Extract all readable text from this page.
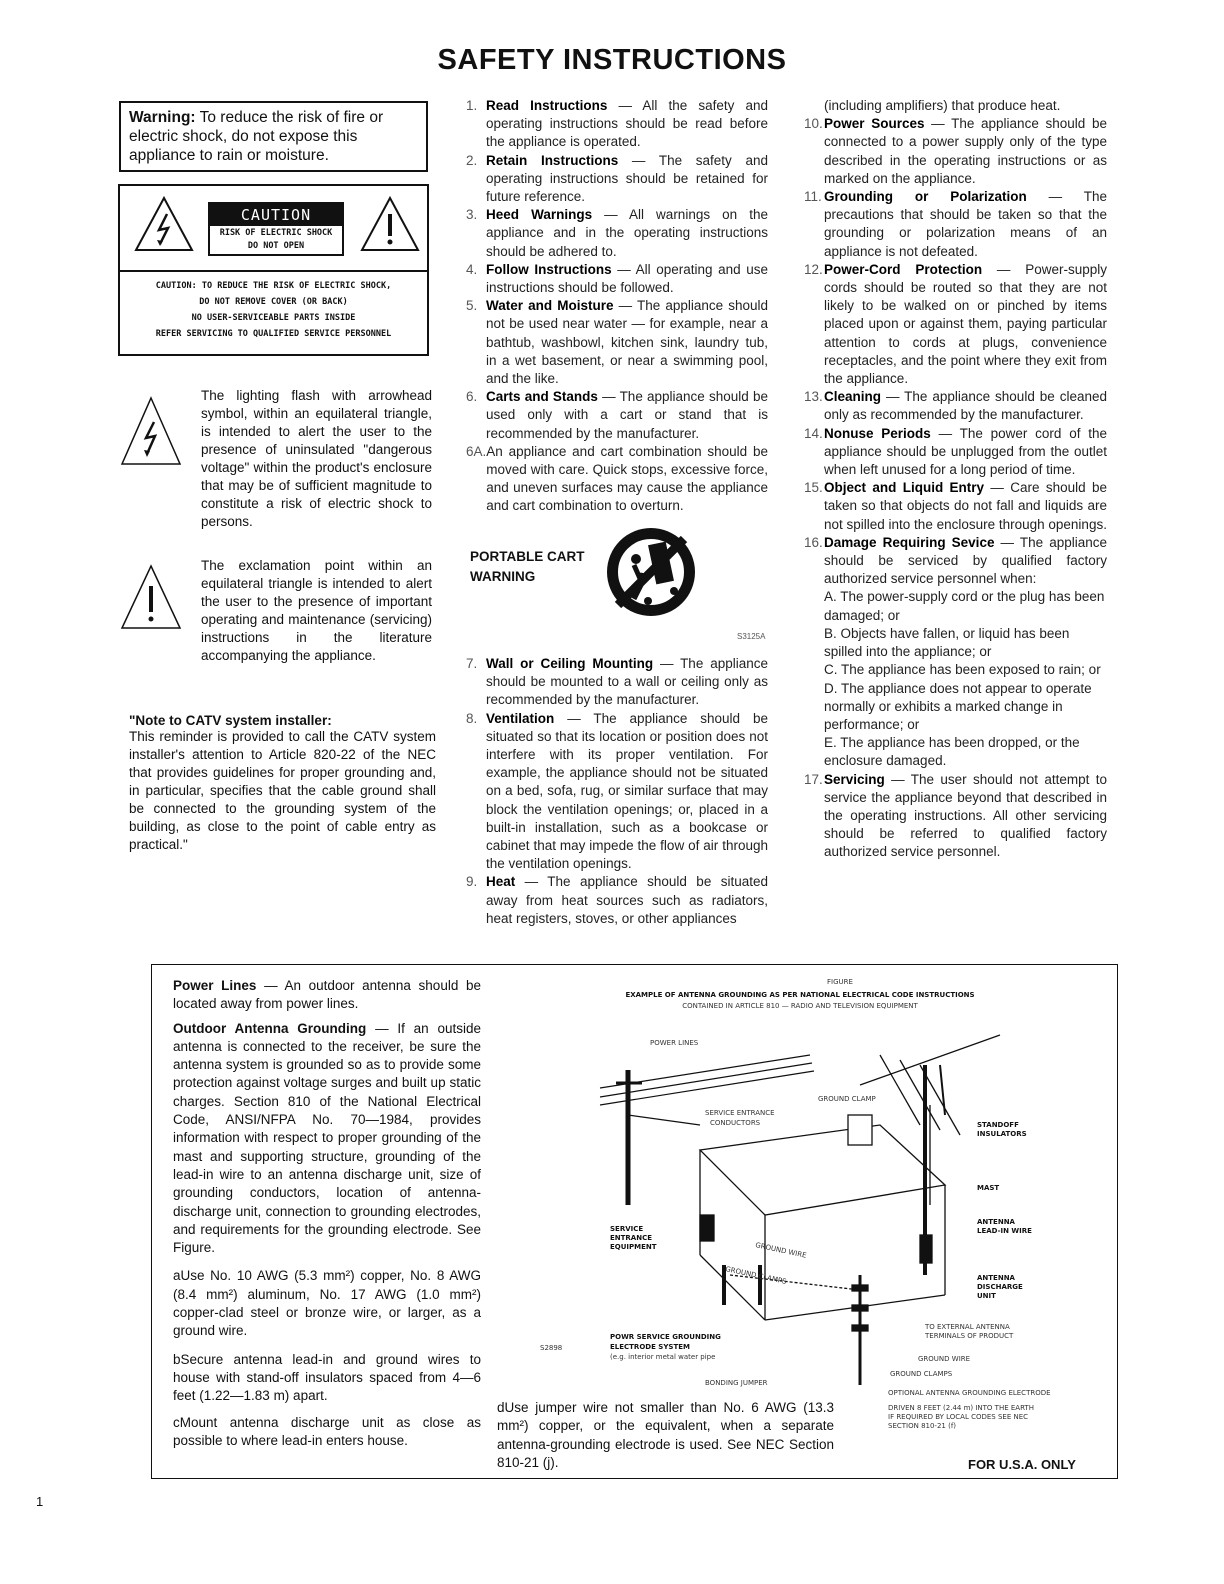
SAFETY INSTRUCTIONS
Warning: To reduce the risk of fire or electric shock, do not expose this appliance to rain or moisture.
CAUTION
RISK OF ELECTRIC SHOCK
DO NOT OPEN
CAUTION: TO REDUCE THE RISK OF ELECTRIC SHOCK,
DO NOT REMOVE COVER (OR BACK)
NO USER-SERVICEABLE PARTS INSIDE
REFER SERVICING TO QUALIFIED SERVICE PERSONNEL
The lighting flash with arrowhead symbol, within an equilateral triangle, is intended to alert the user to the presence of uninsulated "dangerous voltage" within the product's enclosure that may be of sufficient magnitude to constitute a risk of electric shock to persons.
The exclamation point within an equilateral triangle is intended to alert the user to the presence of important operating and maintenance (servicing) instructions in the literature accompanying the appliance.
"Note to CATV system installer:
This reminder is provided to call the CATV system installer's attention to Article 820-22 of the NEC that provides guidelines for proper grounding and, in particular, specifies that the cable ground shall be connected to the grounding system of the building, as close to the point of cable entry as practical."
1. Read Instructions — All the safety and operating instructions should be read before the appliance is operated.
2. Retain Instructions — The safety and operating instructions should be retained for future reference.
3. Heed Warnings — All warnings on the appliance and in the operating instructions should be adhered to.
4. Follow Instructions — All operating and use instructions should be followed.
5. Water and Moisture — The appliance should not be used near water — for example, near a bathtub, washbowl, kitchen sink, laundry tub, in a wet basement, or near a swimming pool, and the like.
6. Carts and Stands — The appliance should be used only with a cart or stand that is recommended by the manufacturer.
6A. An appliance and cart combination should be moved with care. Quick stops, excessive force, and uneven surfaces may cause the appliance and cart combination to overturn.
PORTABLE CART
WARNING
S3125A
7. Wall or Ceiling Mounting — The appliance should be mounted to a wall or ceiling only as recommended by the manufacturer.
8. Ventilation — The appliance should be situated so that its location or position does not interfere with its proper ventilation. For example, the appliance should not be situated on a bed, sofa, rug, or similar surface that may block the ventilation openings; or, placed in a built-in installation, such as a bookcase or cabinet that may impede the flow of air through the ventilation openings.
9. Heat — The appliance should be situated away from heat sources such as radiators, heat registers, stoves, or other appliances
(including amplifiers) that produce heat.
10. Power Sources — The appliance should be connected to a power supply only of the type described in the operating instructions or as marked on the appliance.
11. Grounding or Polarization — The precautions that should be taken so that the grounding or polarization means of an appliance is not defeated.
12. Power-Cord Protection — Power-supply cords should be routed so that they are not likely to be walked on or pinched by items placed upon or against them, paying particular attention to cords at plugs, convenience receptacles, and the point where they exit from the appliance.
13. Cleaning — The appliance should be cleaned only as recommended by the manufacturer.
14. Nonuse Periods — The power cord of the appliance should be unplugged from the outlet when left unused for a long period of time.
15. Object and Liquid Entry — Care should be taken so that objects do not fall and liquids are not spilled into the enclosure through openings.
16. Damage Requiring Sevice — The appliance should be serviced by qualified factory authorized service personnel when:
A. The power-supply cord or the plug has been damaged; or
B. Objects have fallen, or liquid has been spilled into the appliance; or
C. The appliance has been exposed to rain; or
D. The appliance does not appear to operate normally or exhibits a marked change in performance; or
E. The appliance has been dropped, or the enclosure damaged.
17. Servicing — The user should not attempt to service the appliance beyond that described in the operating instructions. All other servicing should be referred to qualified factory authorized service personnel.

Power Lines — An outdoor antenna should be located away from power lines.

Outdoor Antenna Grounding — If an outside antenna is connected to the receiver, be sure the antenna system is grounded so as to provide some protection against voltage surges and built up static charges. Section 810 of the National Electrical Code, ANSI/NFPA No. 70—1984, provides information with respect to proper grounding of the mast and supporting structure, grounding of the lead-in wire to an antenna discharge unit, size of grounding conductors, location of antenna-discharge unit, connection to grounding electrodes, and requirements for the grounding electrode. See Figure.

aUse No. 10 AWG (5.3 mm²) copper, No. 8 AWG (8.4 mm²) aluminum, No. 17 AWG (1.0 mm²) copper-clad steel or bronze wire, or larger, as a ground wire.

bSecure antenna lead-in and ground wires to house with stand-off insulators spaced from 4—6 feet (1.22—1.83 m) apart.

cMount antenna discharge unit as close as possible to where lead-in enters house.

dUse jumper wire not smaller than No. 6 AWG (13.3 mm²) copper, or the equivalent, when a separate antenna-grounding electrode is used. See NEC Section 810-21 (j).	FOR U.S.A. ONLY
FIGURE
EXAMPLE OF ANTENNA GROUNDING AS PER NATIONAL ELECTRICAL CODE INSTRUCTIONS
CONTAINED IN ARTICLE 810 — RADIO AND TELEVISION EQUIPMENT
POWER LINES
SERVICE ENTRANCE
CONDUCTORS
GROUND CLAMP
STANDOFF
INSULATORS
MAST
ANTENNA
LEAD-IN WIRE
SERVICE
ENTRANCE
EQUIPMENT	GROUND WIRE
GROUND CLAMPS	ANTENNA
DISCHARGE
UNIT
TO EXTERNAL ANTENNA
TERMINALS OF PRODUCT
GROUND WIRE
GROUND CLAMPS
S2898
POWR SERVICE GROUNDING
ELECTRODE SYSTEM
(e.g. interior metal water pipe
BONDING JUMPER
OPTIONAL ANTENNA GROUNDING ELECTRODE
DRIVEN 8 FEET (2.44 m) INTO THE EARTH
IF REQUIRED BY LOCAL CODES SEE NEC
SECTION 810-21 (f)
1
